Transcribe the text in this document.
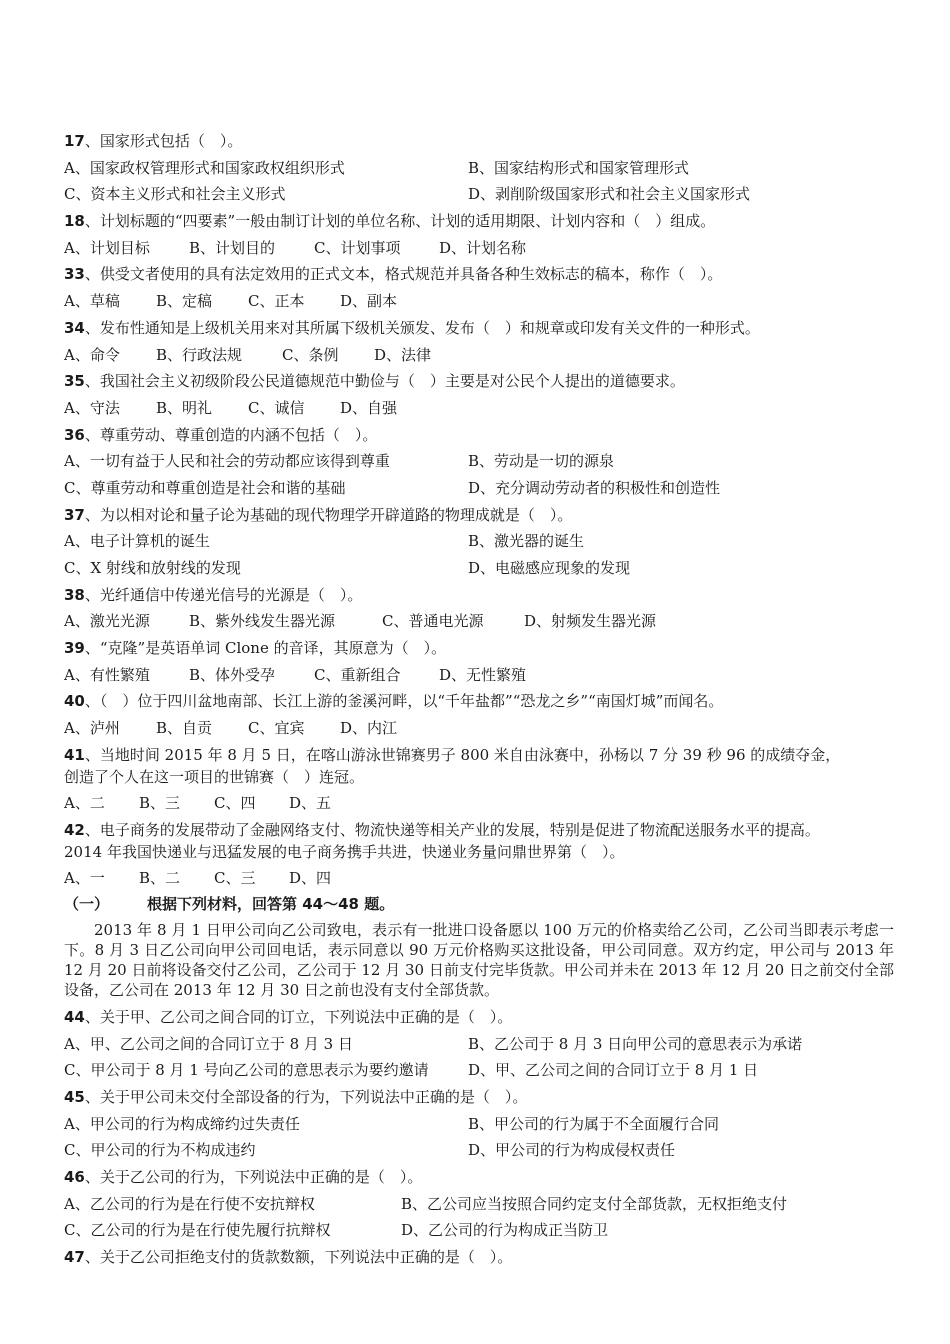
17、国家形式包括（　）。
A、国家政权管理形式和国家政权组织形式	B、国家结构形式和国家管理形式
C、资本主义形式和社会主义形式	D、剥削阶级国家形式和社会主义国家形式
18、计划标题的“四要素”一般由制订计划的单位名称、计划的适用期限、计划内容和（　）组成。
A、计划目标	B、计划目的	C、计划事项	D、计划名称
33、供受文者使用的具有法定效用的正式文本，格式规范并具备各种生效标志的稿本，称作（　）。
A、草稿 B、定稿 C、正本 D、副本
34、发布性通知是上级机关用来对其所属下级机关颁发、发布（　）和规章或印发有关文件的一种形式。
A、命令 B、行政法规	C、条例 D、法律
35、我国社会主义初级阶段公民道德规范中勤俭与（　）主要是对公民个人提出的道德要求。
A、守法 B、明礼 C、诚信 D、自强
36、尊重劳动、尊重创造的内涵不包括（　）。
A、一切有益于人民和社会的劳动都应该得到尊重	B、劳动是一切的源泉
C、尊重劳动和尊重创造是社会和谐的基础	D、充分调动劳动者的积极性和创造性
37、为以相对论和量子论为基础的现代物理学开辟道路的物理成就是（　）。
A、电子计算机的诞生	B、激光器的诞生
C、X 射线和放射线的发现	D、电磁感应现象的发现
38、光纤通信中传递光信号的光源是（　）。
A、激光光源	B、紫外线发生器光源	C、普通电光源	D、射频发生器光源
39、“克隆”是英语单词 Clone 的音译，其原意为（　）。
A、有性繁殖	B、体外受孕	C、重新组合	D、无性繁殖
40、（　）位于四川盆地南部、长江上游的釜溪河畔，以“千年盐都”“恐龙之乡”“南国灯城”而闻名。
A、泸州 B、自贡 C、宜宾 D、内江
41、当地时间 2015 年 8 月 5 日，在喀山游泳世锦赛男子 800 米自由泳赛中，孙杨以 7 分 39 秒 96 的成绩夺金，
创造了个人在这一项目的世锦赛（　）连冠。
A、二 B、三 C、四 D、五
42、电子商务的发展带动了金融网络支付、物流快递等相关产业的发展，特别是促进了物流配送服务水平的提高。
2014 年我国快递业与迅猛发展的电子商务携手共进，快递业务量问鼎世界第（　）。
A、一 B、二 C、三 D、四
（一）	根据下列材料，回答第 44～48 题。
2013 年 8 月 1 日甲公司向乙公司致电，表示有一批进口设备愿以 100 万元的价格卖给乙公司，乙公司当即表示考虑一下。8 月 3 日乙公司向甲公司回电话，表示同意以 90 万元价格购买这批设备，甲公司同意。双方约定，甲公司与 2013 年 12 月 20 日前将设备交付乙公司，乙公司于 12 月 30 日前支付完毕货款。甲公司并未在 2013 年 12 月 20 日之前交付全部设备，乙公司在 2013 年 12 月 30 日之前也没有支付全部货款。
44、关于甲、乙公司之间合同的订立，下列说法中正确的是（　）。
A、甲、乙公司之间的合同订立于 8 月 3 日	B、乙公司于 8 月 3 日向甲公司的意思表示为承诺
C、甲公司于 8 月 1 号向乙公司的意思表示为要约邀请	D、甲、乙公司之间的合同订立于 8 月 1 日
45、关于甲公司未交付全部设备的行为，下列说法中正确的是（　）。
A、甲公司的行为构成缔约过失责任	B、甲公司的行为属于不全面履行合同
C、甲公司的行为不构成违约	D、甲公司的行为构成侵权责任
46、关于乙公司的行为，下列说法中正确的是（　）。
A、乙公司的行为是在行使不安抗辩权	B、乙公司应当按照合同约定支付全部货款，无权拒绝支付
C、乙公司的行为是在行使先履行抗辩权	D、乙公司的行为构成正当防卫
47、关于乙公司拒绝支付的货款数额，下列说法中正确的是（　）。
